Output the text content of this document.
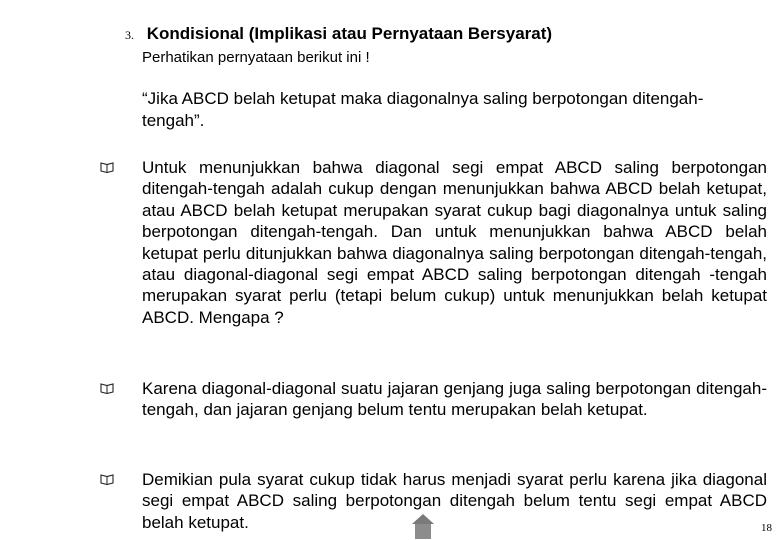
3. Kondisional (Implikasi atau Pernyataan Bersyarat)
Perhatikan pernyataan berikut ini !
“Jika ABCD belah ketupat maka diagonalnya saling berpotongan ditengah-tengah”.
Untuk menunjukkan bahwa diagonal segi empat ABCD saling berpotongan ditengah-tengah adalah cukup dengan menunjukkan bahwa ABCD belah ketupat, atau ABCD belah ketupat merupakan syarat cukup bagi diagonalnya untuk saling berpotongan ditengah-tengah. Dan untuk menunjukkan bahwa ABCD belah ketupat perlu ditunjukkan bahwa diagonalnya saling berpotongan ditengah-tengah, atau diagonal-diagonal segi empat ABCD saling berpotongan ditengah -tengah merupakan syarat perlu (tetapi belum cukup) untuk menunjukkan belah ketupat ABCD. Mengapa ?
Karena diagonal-diagonal suatu jajaran genjang juga saling berpotongan ditengah-tengah, dan jajaran genjang belum tentu merupakan belah ketupat.
Demikian pula syarat cukup tidak harus menjadi syarat perlu karena jika diagonal segi empat ABCD saling berpotongan ditengah belum tentu segi empat ABCD belah ketupat.	18
